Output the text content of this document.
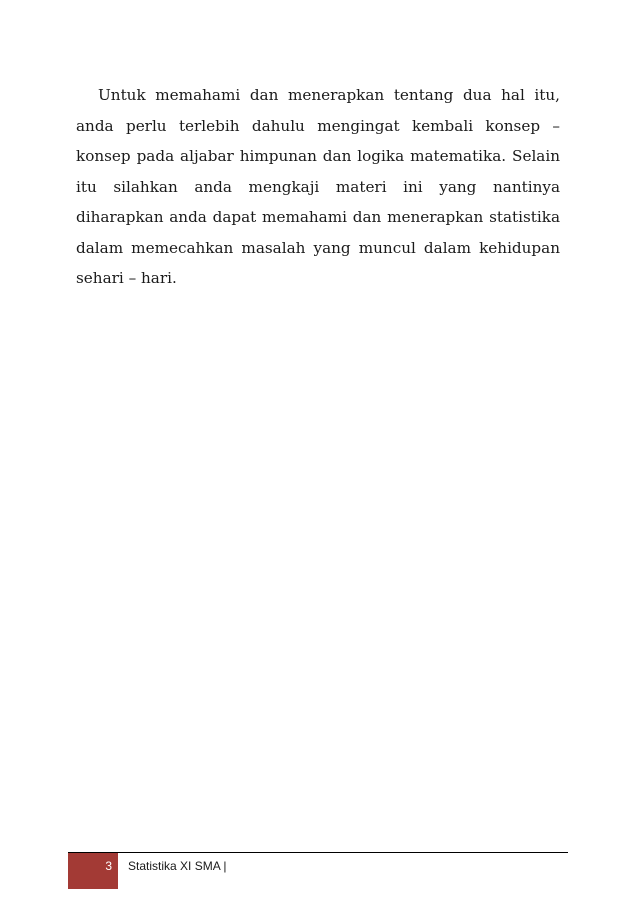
Untuk memahami dan menerapkan tentang dua hal itu,
anda perlu terlebih dahulu mengingat kembali konsep –
konsep pada aljabar himpunan dan logika matematika. Selain
itu silahkan anda mengkaji materi ini yang nantinya
diharapkan anda dapat memahami dan menerapkan statistika
dalam memecahkan masalah yang muncul dalam kehidupan
sehari – hari.
3 Statistika XI SMA |
